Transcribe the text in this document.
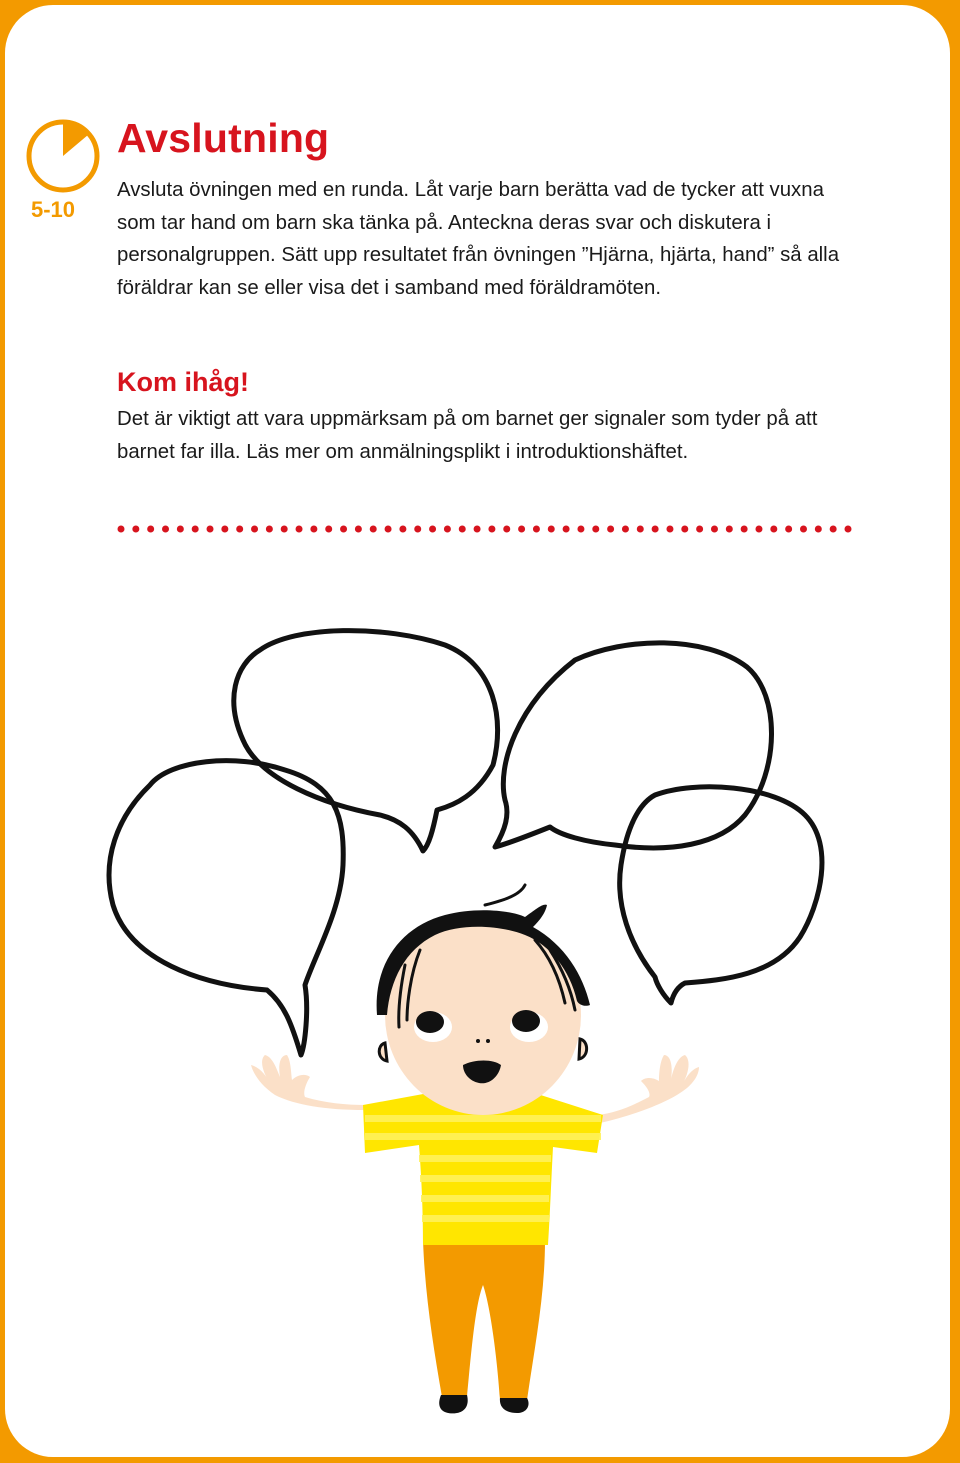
5-10
Avslutning

Avsluta övningen med en runda. Låt varje barn berätta vad de tycker att vuxna som tar hand om barn ska tänka på. Anteckna deras svar och diskutera i personalgruppen. Sätt upp resultatet från övningen ”Hjärna, hjärta, hand” så alla föräldrar kan se eller visa det i samband med föräldramöten.

Kom ihåg!

Det är viktigt att vara uppmärksam på om barnet ger signaler som tyder på att barnet far illa. Läs mer om anmälningsplikt i introduktionshäftet.
